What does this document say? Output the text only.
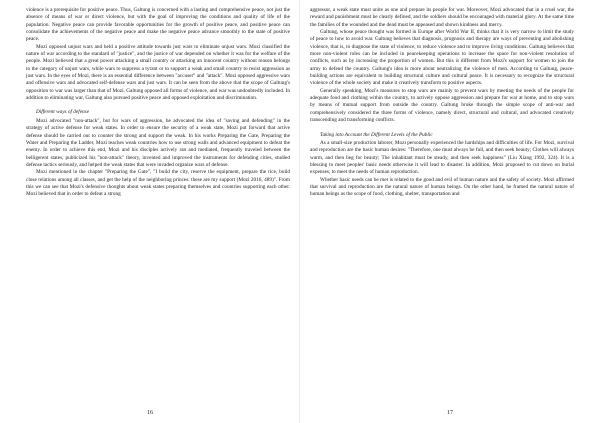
violence is a prerequisite for positive peace. Thus, Galtung is concerned with a lasting and comprehensive peace, not just the absence of means of war or direct violence, but with the goal of improving the conditions and quality of life of the population. Negative peace can provide favorable opportunities for the growth of positive peace, and positive peace can consolidate the achievements of the negative peace and make the negative peace advance smoothly to the state of positive peace.

Mozi opposed unjust wars and held a positive attitude towards just wars to eliminate unjust wars. Mozi classified the nature of war according to the standard of "justice", and the justice of war depended on whether it was for the welfare of the people. Mozi believed that a great power attacking a small country or attacking an innocent country without reason belongs to the category of unjust wars, while wars to suppress a tyrant or to support a weak and small country to resist aggression as just wars. In the eyes of Mozi, there is an essential difference between "accuser" and "attack". Mozi opposed aggressive wars and offensive wars and advocated self-defense wars and just wars. It can be seen from the above that the scope of Galtung's opposition to war was larger than that of Mozi. Galtung opposed all forms of violence, and war was undoubtedly included. In addition to eliminating war, Galtung also pursued positive peace and opposed exploitation and discrimination.

Different ways of defense

Mozi advocated "non-attack", but for wars of aggression, he advocated the idea of "saving and defending" in the strategy of active defense for weak states. In order to ensure the security of a weak state, Mozi put forward that active defense should be carried out to counter the strong and support the weak. In his works Preparing the Gate, Preparing the Water and Preparing the Ladder, Mozi teaches weak countries how to use strong walls and advanced equipment to defeat the enemy. In order to achieve this end, Mozi and his disciples actively ran and mediated, frequently traveled between the belligerent states, publicized his "non-attack" theory, invented and improved the instruments for defending cities, studied defense tactics seriously, and helped the weak states that were invaded organize wars of defense.

Mozi mentioned in the chapter "Preparing the Gate", "I build the city, reserve the equipment, prepare the rice, build close relations among all classes, and get the help of the neighboring princes: these are my support (Mozi 2016, 489)". From this we can see that Mozi's defensive thoughts about weak states preparing themselves and countries supporting each other. Mozi believed that in order to defeat a strong

16

aggressor, a weak state must unite as one and prepare its people for war. Moreover, Mozi advocated that in a cruel war, the reward and punishment must be clearly defined, and the soldiers should be encouraged with material glory. At the same time the families of the wounded and the dead must be appeased and shown kindness and mercy.

Galtung, whose peace thought was formed in Europe after World War II, thinks that it is very narrow to limit the study of peace to how to avoid war. Galtung believes that diagnosis, prognosis and therapy are ways of preventing and abolishing violence, that is, to diagnose the state of violence, to reduce violence and to improve living conditions. Galtung believes that more non-violent roles can be included in peacekeeping operations to increase the space for non-violent resolution of conflicts, such as by increasing the proportion of women. But this is different from Mozi's support for women to join the army to defend the country. Galtung's idea is more about neutralizing the violence of men. According to Galtung, peace-building actions are equivalent to building structural culture and cultural peace. It is necessary to recognize the structural violence of the whole society and make it creatively transform to positive aspects.

Generally speaking, Mozi's measures to stop wars are mainly to prevent wars by meeting the needs of the people for adequate food and clothing within the country, to actively oppose aggression and prepare for war at home, and to stop wars by means of mutual support from outside the country. Galtung broke through the simple scope of anti-war and comprehensively considered the three forms of violence, namely direct, structural and cultural, and advocated creatively transcending and transforming conflicts.

Taking into Account the Different Levels of the Public

As a small-size production laborer, Mozi personally experienced the hardships and difficulties of life. For Mozi, survival and reproduction are the basic human desires: "Therefore, one must always be full, and then seek beauty; Clothes will always warm, and then beg for beauty; The inhabitant must be steady, and then seek happiness" (Liu Xiang 1992, 324). It is a blessing to meet peoples' basic needs otherwise it will lead to disaster. In addition, Mozi proposed to cut down on burial expenses, to meet the needs of human reproduction.

Whether basic needs can be met is related to the good and evil of human nature and the safety of society. Mozi affirmed that survival and reproduction are the natural nature of human beings. On the other hand, he framed the natural nature of human beings as the scope of food, clothing, shelter, transportation and

17
